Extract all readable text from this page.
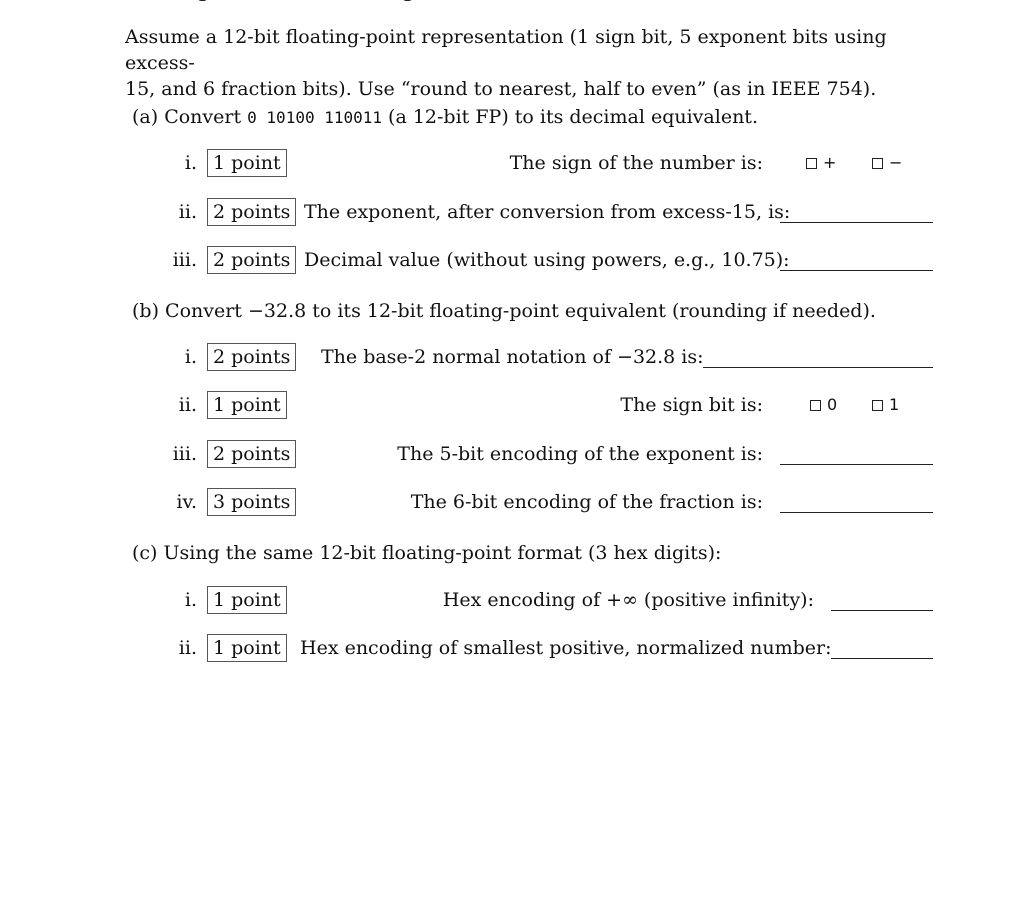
Assume a 12-bit floating-point representation (1 sign bit, 5 exponent bits using excess-
15, and 6 fraction bits). Use “round to nearest, half to even” (as in IEEE 754).
(a) Convert 0 10100 110011 (a 12-bit FP) to its decimal equivalent.
i. 1 point	The sign of the number is:	+	−
ii. 2 points The exponent, after conversion from excess-15, is:
iii. 2 points Decimal value (without using powers, e.g., 10.75):
(b) Convert −32.8 to its 12-bit floating-point equivalent (rounding if needed).
i. 2 points	The base-2 normal notation of −32.8 is:
ii. 1 point	The sign bit is:	0	1
iii. 2 points	The 5-bit encoding of the exponent is:
iv. 3 points	The 6-bit encoding of the fraction is:
(c) Using the same 12-bit floating-point format (3 hex digits):
i. 1 point	Hex encoding of +∞ (positive infinity):
ii. 1 point	Hex encoding of smallest positive, normalized number:
